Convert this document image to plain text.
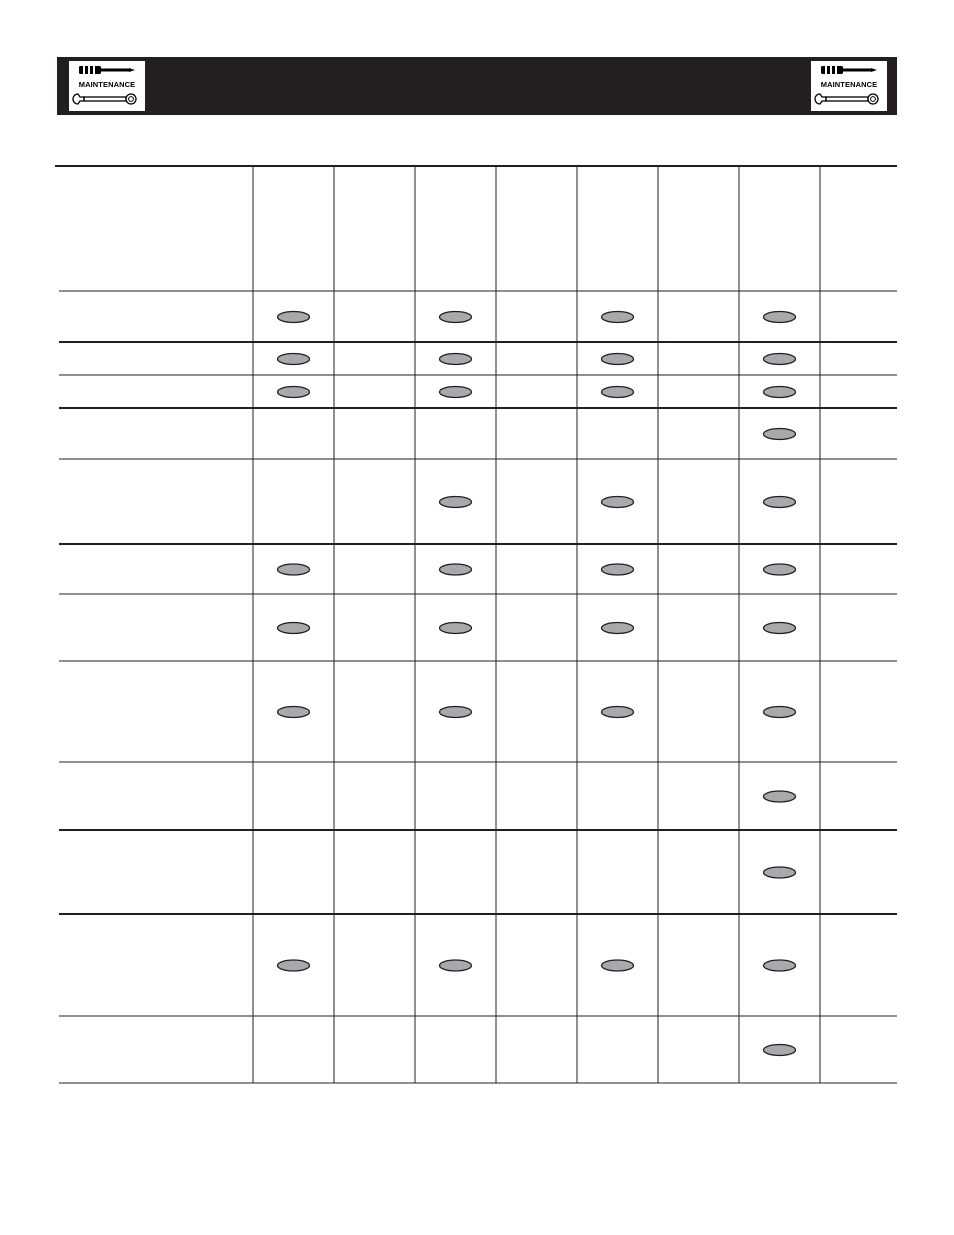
MAINTENANCE	MAINTENANCE
